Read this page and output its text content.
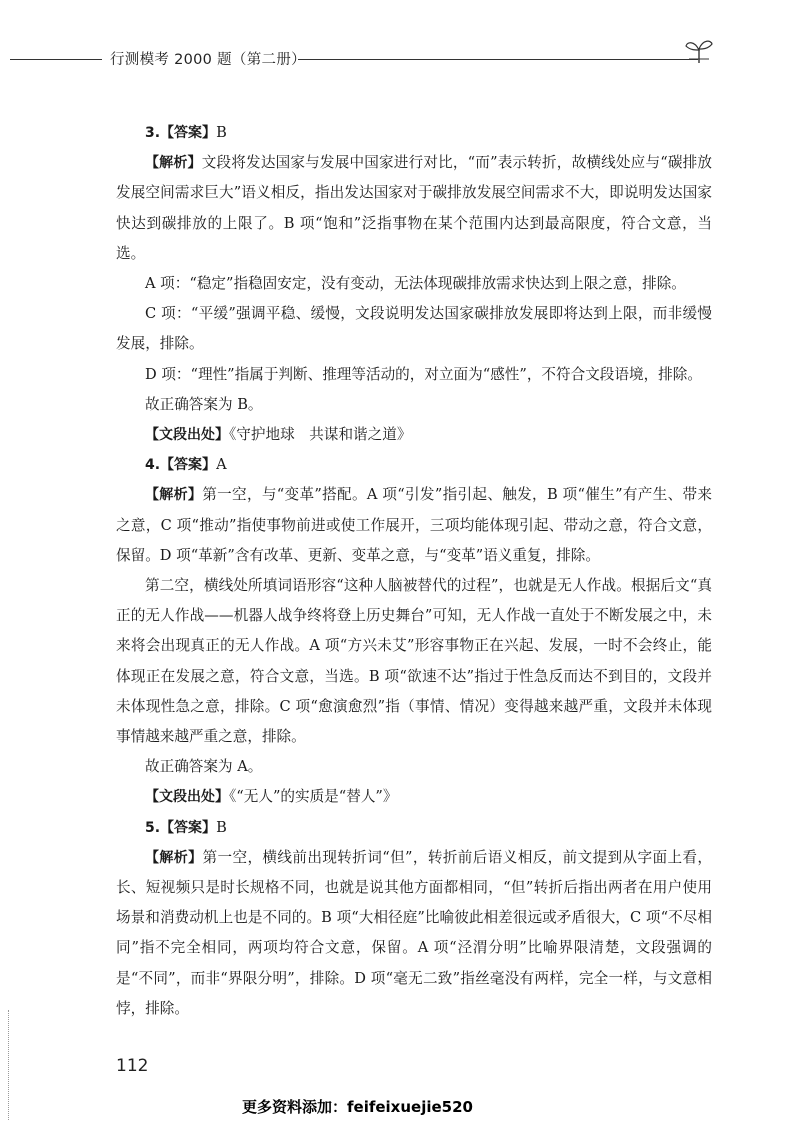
行测模考 2000 题（第二册）

3.【答案】B

【解析】文段将发达国家与发展中国家进行对比，“而”表示转折，故横线处应与“碳排放发展空间需求巨大”语义相反，指出发达国家对于碳排放发展空间需求不大，即说明发达国家快达到碳排放的上限了。B 项“饱和”泛指事物在某个范围内达到最高限度，符合文意，当选。

A 项：“稳定”指稳固安定，没有变动，无法体现碳排放需求快达到上限之意，排除。

C 项：“平缓”强调平稳、缓慢，文段说明发达国家碳排放发展即将达到上限，而非缓慢发展，排除。

D 项：“理性”指属于判断、推理等活动的，对立面为“感性”，不符合文段语境，排除。

故正确答案为 B。

【文段出处】《守护地球　共谋和谐之道》

4.【答案】A

【解析】第一空，与“变革”搭配。A 项“引发”指引起、触发，B 项“催生”有产生、带来之意，C 项“推动”指使事物前进或使工作展开，三项均能体现引起、带动之意，符合文意，保留。D 项“革新”含有改革、更新、变革之意，与“变革”语义重复，排除。

第二空，横线处所填词语形容“这种人脑被替代的过程”，也就是无人作战。根据后文“真正的无人作战——机器人战争终将登上历史舞台”可知，无人作战一直处于不断发展之中，未来将会出现真正的无人作战。A 项“方兴未艾”形容事物正在兴起、发展，一时不会终止，能体现正在发展之意，符合文意，当选。B 项“欲速不达”指过于性急反而达不到目的，文段并未体现性急之意，排除。C 项“愈演愈烈”指（事情、情况）变得越来越严重，文段并未体现事情越来越严重之意，排除。

故正确答案为 A。

【文段出处】《“无人”的实质是“替人”》

5.【答案】B

【解析】第一空，横线前出现转折词“但”，转折前后语义相反，前文提到从字面上看，长、短视频只是时长规格不同，也就是说其他方面都相同，“但”转折后指出两者在用户使用场景和消费动机上也是不同的。B 项“大相径庭”比喻彼此相差很远或矛盾很大，C 项“不尽相同”指不完全相同，两项均符合文意，保留。A 项“泾渭分明”比喻界限清楚，文段强调的是“不同”，而非“界限分明”，排除。D 项“毫无二致”指丝毫没有两样，完全一样，与文意相悖，排除。

112
更多资料添加：feifeixuejie520
